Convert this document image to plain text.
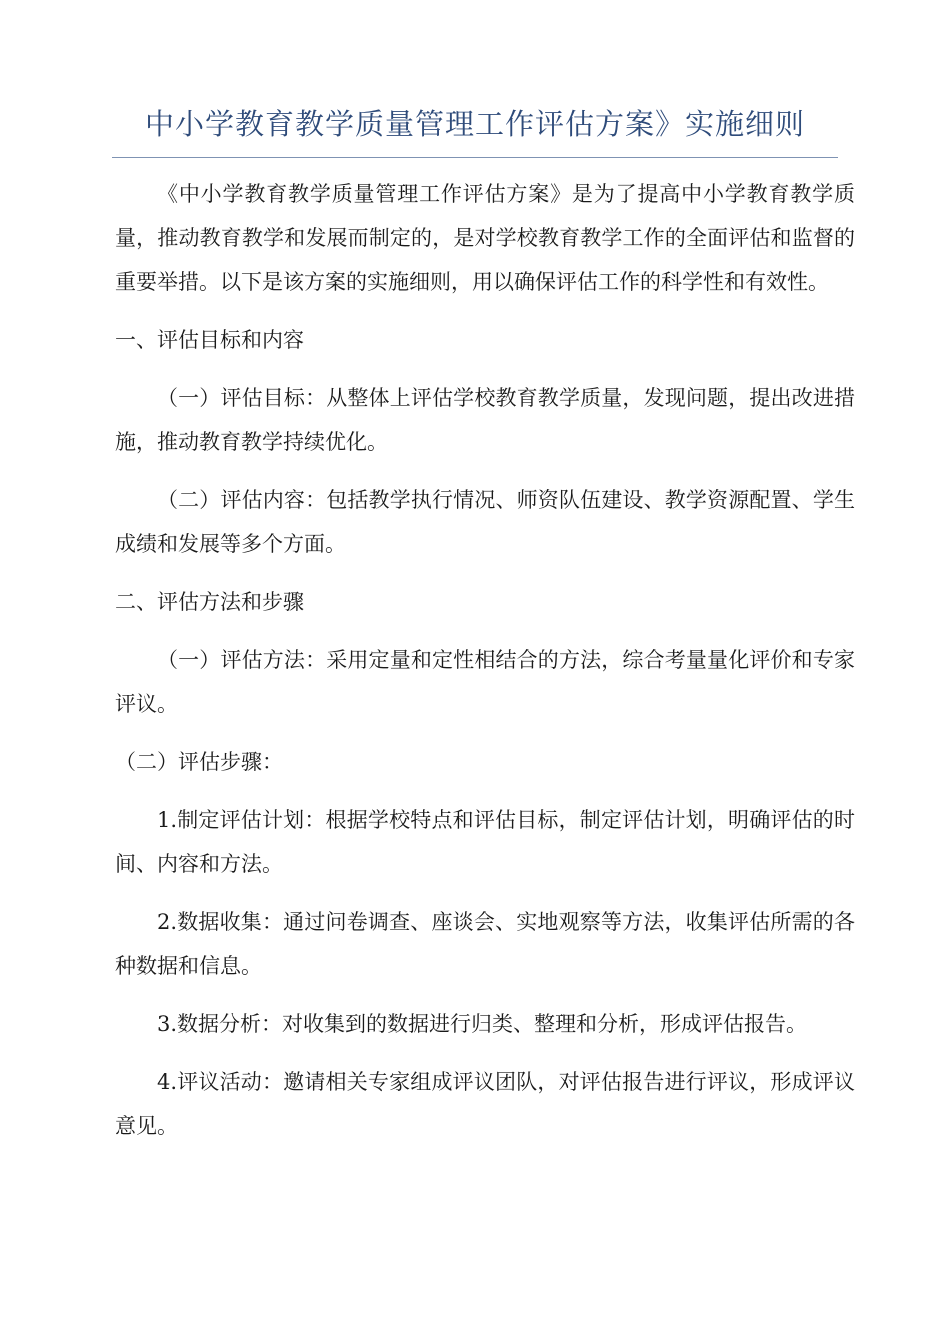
中小学教育教学质量管理工作评估方案》实施细则

《中小学教育教学质量管理工作评估方案》是为了提高中小学教育教学质量，推动教育教学和发展而制定的，是对学校教育教学工作的全面评估和监督的重要举措。以下是该方案的实施细则，用以确保评估工作的科学性和有效性。

一、评估目标和内容

（一）评估目标：从整体上评估学校教育教学质量，发现问题，提出改进措施，推动教育教学持续优化。

（二）评估内容：包括教学执行情况、师资队伍建设、教学资源配置、学生成绩和发展等多个方面。

二、评估方法和步骤

（一）评估方法：采用定量和定性相结合的方法，综合考量量化评价和专家评议。

（二）评估步骤：

1.制定评估计划：根据学校特点和评估目标，制定评估计划，明确评估的时间、内容和方法。

2.数据收集：通过问卷调查、座谈会、实地观察等方法，收集评估所需的各种数据和信息。

3.数据分析：对收集到的数据进行归类、整理和分析，形成评估报告。

4.评议活动：邀请相关专家组成评议团队，对评估报告进行评议，形成评议意见。
